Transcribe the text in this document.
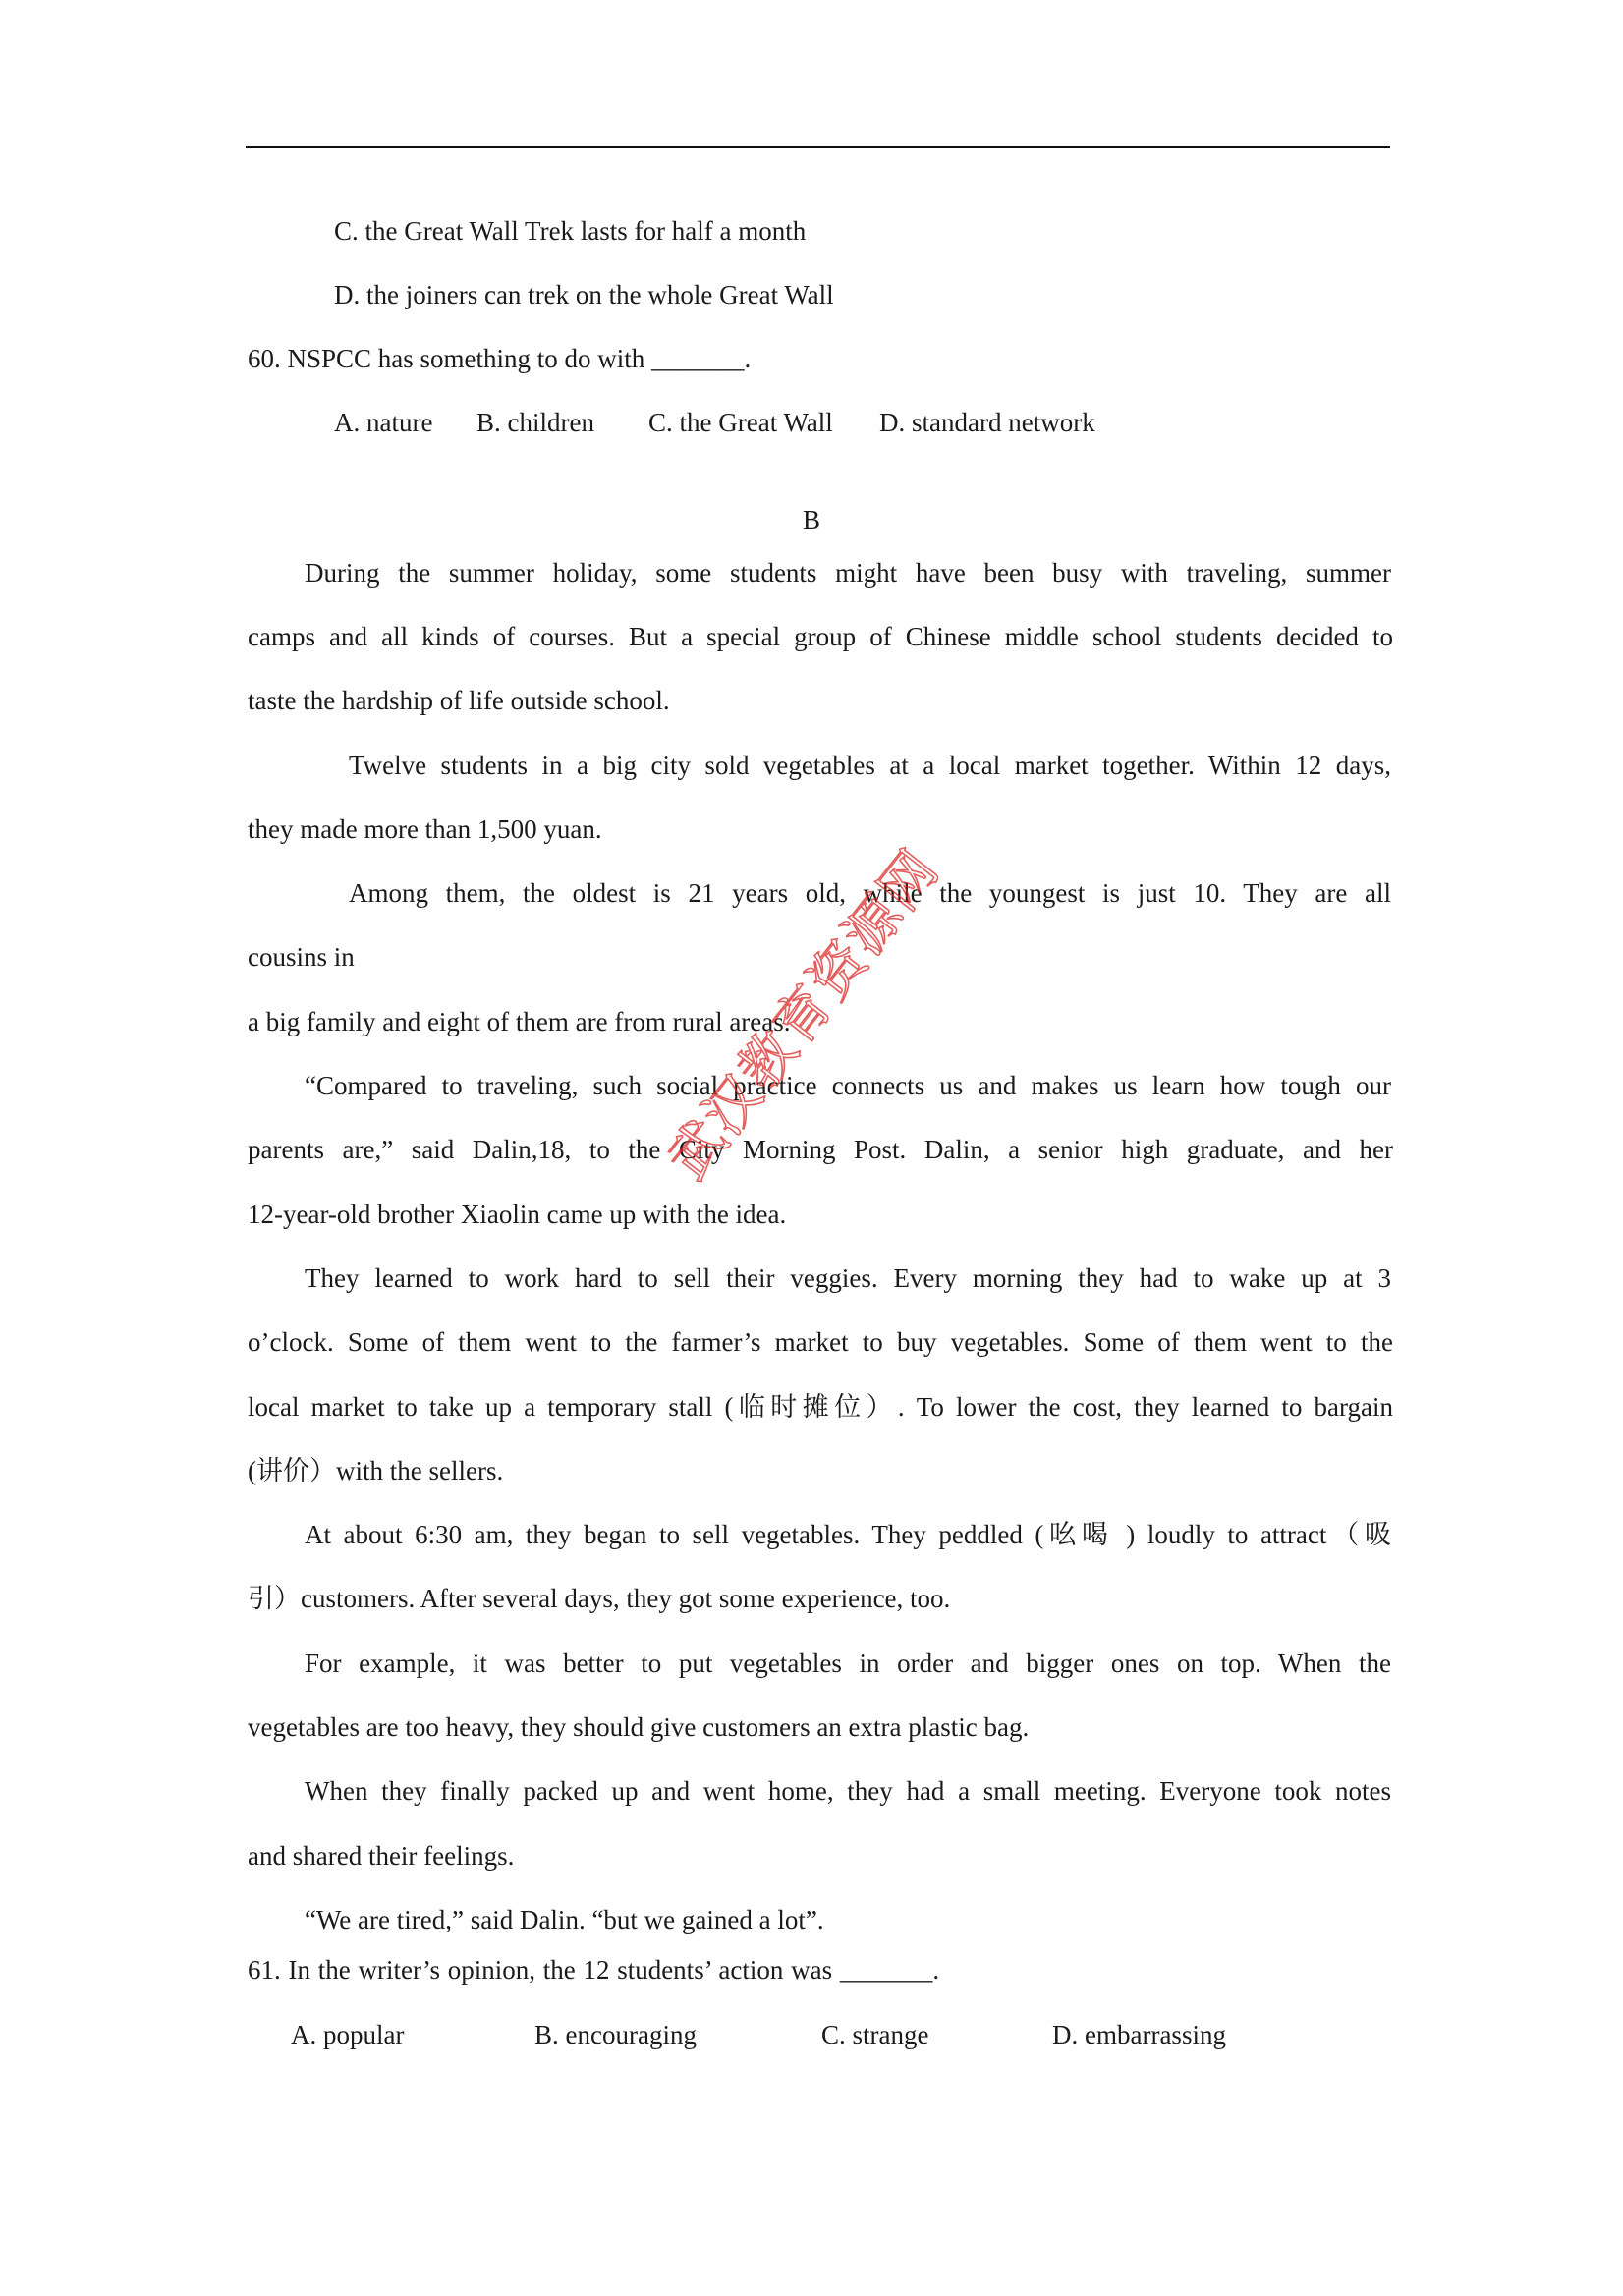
C. the Great Wall Trek lasts for half a month
D. the joiners can trek on the whole Great Wall
60. NSPCC has something to do with _______.
A. nature	B. children	C. the Great Wall	D. standard network
B
During the summer holiday, some students might have been busy with traveling, summer
camps and all kinds of courses. But a special group of Chinese middle school students decided to
taste the hardship of life outside school.
Twelve students in a big city sold vegetables at a local market together. Within 12 days,
they made more than 1,500 yuan.
Among them, the oldest is 21 years old, while the youngest is just 10. They are all
cousins in
a big family and eight of them are from rural areas.
“Compared to traveling, such social practice connects us and makes us learn how tough our
parents are,” said Dalin,18, to the City Morning Post. Dalin, a senior high graduate, and her
12-year-old brother Xiaolin came up with the idea.
They learned to work hard to sell their veggies. Every morning they had to wake up at 3
o’clock. Some of them went to the farmer’s market to buy vegetables. Some of them went to the
local market to take up a temporary stall (临时摊位）. To lower the cost, they learned to bargain
(讲价）with the sellers.
At about 6:30 am, they began to sell vegetables. They peddled (吆喝 ) loudly to attract（吸
引）customers. After several days, they got some experience, too.
For example, it was better to put vegetables in order and bigger ones on top. When the
vegetables are too heavy, they should give customers an extra plastic bag.
When they finally packed up and went home, they had a small meeting. Everyone took notes
and shared their feelings.
“We are tired,” said Dalin. “but we gained a lot”.
61. In the writer’s opinion, the 12 students’ action was _______.
A. popular	B. encouraging	C. strange	D. embarrassing
武汉教育资源网
